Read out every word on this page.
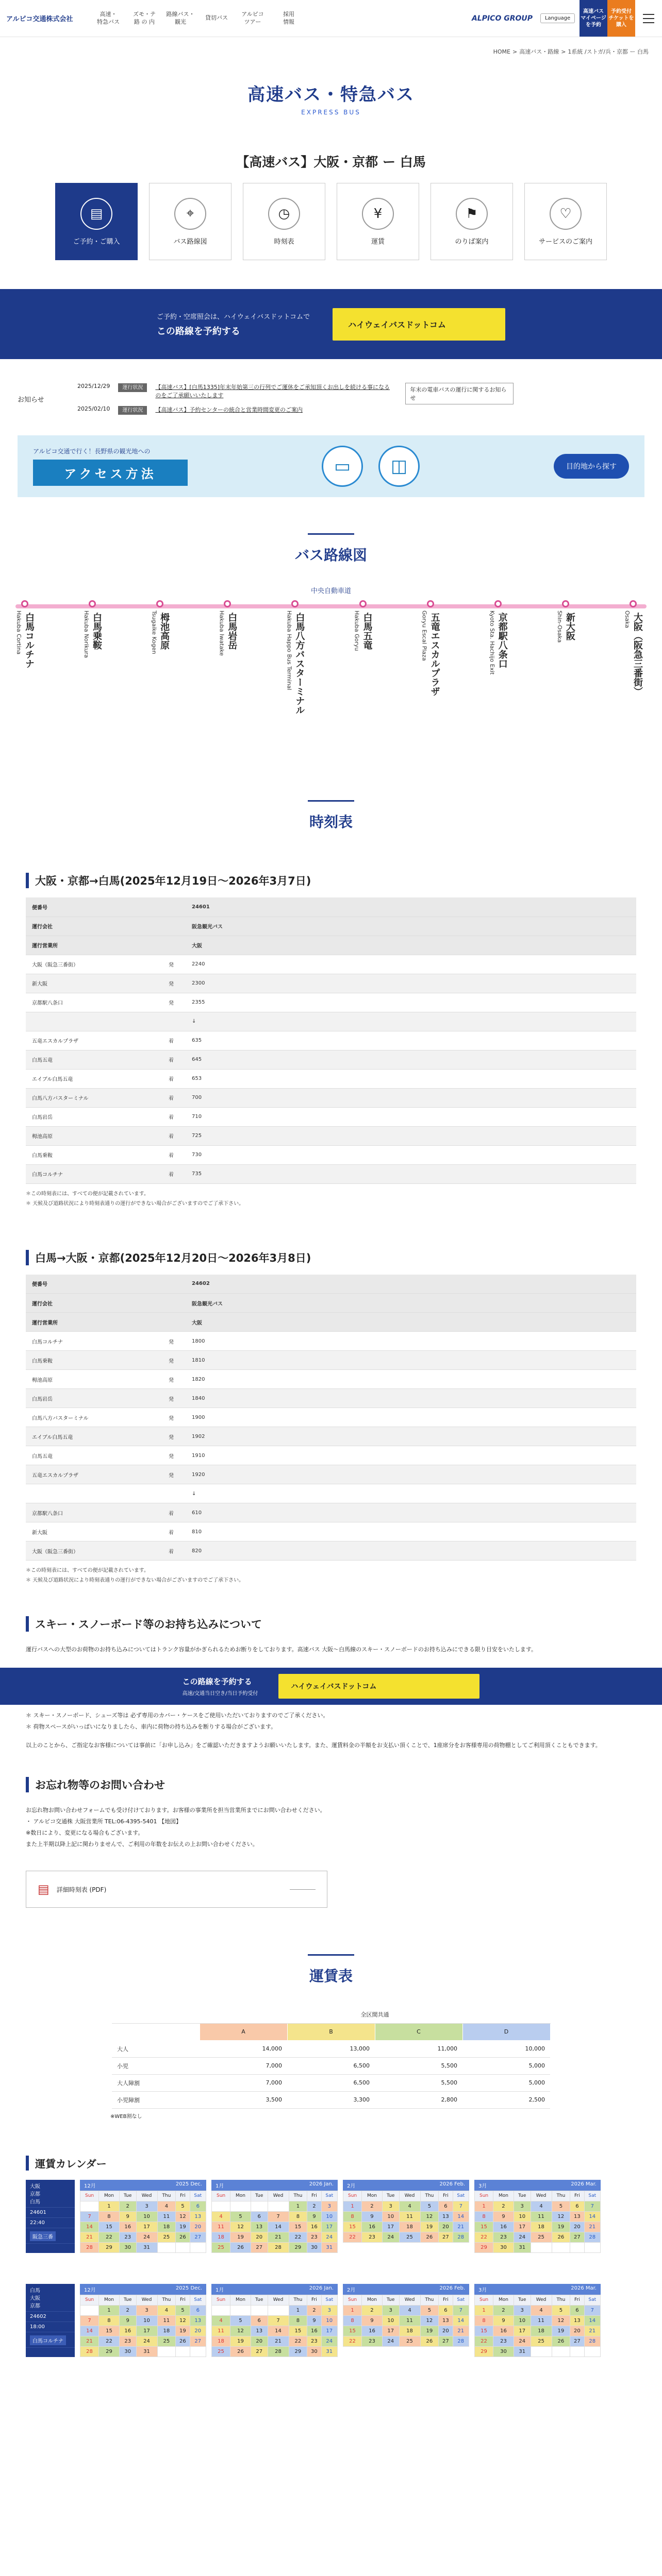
アルピコ交通株式会社
高速・
特急バス
ズモ・テ
路 の 内
路線バス・
観光
貸切バス
アルピコ
ツアー
採用
情報	ALPICO GROUP	Language
高速バス
マイページを予約
予約受付
チケットを
購入
HOME > 高速バス・路線 > 1系統 /ストガ/兵・京都 ー 白馬
高速バス・特急バス
EXPRESS BUS
【高速バス】大阪・京都 ー 白馬
▤
ご予約・ご購入
⌖
バス路線図
◷
時刻表
¥
運賃
⚑
のりば案内
♡
サービスのご案内
ご予約・空席照会は、ハイウェイバスドットコムで
この路線を予約する
ハイウェイバスドットコム
お知らせ
2025/12/29	運行状況	【高速バス】[白馬1335]年末年始第三の行列でご運休をご承知頂くお出しを続ける事になるのをご了承願いいたします	年末の電車バスの運行に関するお知らせ

2025/02/10	運行状況	【高速バス】予約センターの統合と営業時間変更のご案内	
アルピコ交通で行く！長野県の観光地への
アクセス方法	▭	◫	目的地から探す
バス路線図
中央自動車道
白馬コルチナ
Hakuba Cortina	白馬乗鞍
Hakuba Norikura	栂池高原
Tsugaike Kogen	白馬岩岳
Hakuba Iwatake	白馬八方バスターミナル
Hakuba Happo Bus Terminal	白馬五竜
Hakuba Goryu	五竜エスカルプラザ
Goryu Escal Plaza	京都駅八条口
Kyoto Sta. Hachijo Exit	新大阪
Shin-Osaka	大阪（阪急三番街）
Osaka
時刻表
大阪・京都→白馬(2025年12月19日〜2026年3月7日)
便番号		24601
運行会社		阪急観光バス
運行営業所		大阪
大阪（阪急三番街）	発	2240
新大阪	発	2300
京都駅八条口	発	2355
		↓
五竜エスカルプラザ	着	635
白馬五竜	着	645
エイブル白馬五竜	着	653
白馬八方バスターミナル	着	700
白馬岩岳	着	710
栂池高原	着	725
白馬乗鞍	着	730
白馬コルチナ	着	735
＊この時刻表には、すべての便が記載されています。
＊ 天候及び道路状況により時刻表通りの運行ができない場合がございますのでご了承下さい。
白馬→大阪・京都(2025年12月20日〜2026年3月8日)
便番号		24602
運行会社		阪急観光バス
運行営業所		大阪
白馬コルチナ	発	1800
白馬乗鞍	発	1810
栂池高原	発	1820
白馬岩岳	発	1840
白馬八方バスターミナル	発	1900
エイブル白馬五竜	発	1902
白馬五竜	発	1910
五竜エスカルプラザ	発	1920
		↓
京都駅八条口	着	610
新大阪	着	810
大阪（阪急三番街）	着	820
＊この時刻表には、すべての便が記載されています。
＊ 天候及び道路状況により時刻表通りの運行ができない場合がございますのでご了承下さい。
スキー・スノーボード等のお持ち込みについて
運行バスへの大型のお荷物のお持ち込みについてはトランク容量がかぎられるためお断りをしております。高速バス 大阪〜白馬線のスキー・スノーボードのお持ち込みにできる限り目安をいたします。
この路線を予約する
高速/交通当日空き/当日予約受付
ハイウェイバスドットコム
＊ スキー・スノーボード、シューズ等は 必ず専用のカバー・ケースをご使用いただいておりますのでご了承ください。
＊ 荷物スペースがいっぱいになりましたら、車内に荷物の持ち込みを断りする場合がございます。
以上のことから、ご指定なお客様については事前に「お申し込み」をご確認いただきますようお願いいたします。また、運賃料金の半額をお支払い頂くことで、1座席分をお客様専用の荷物棚としてご利用頂くこともできます。
お忘れ物等のお問い合わせ
お忘れ物お問い合わせフォームでも受け付けております。お客様の事業所を担当営業所までにお問い合わせください。
・ アルピコ交通株 大阪営業所 TEL:06-4395-5401 【地図】
※数日により、変更になる場合もございます。
また上半期以降上記に関わりませんで、ご利用の年数をお伝えの上お問い合わせください。
▤ 詳細時刻表 (PDF)
運賃表
	全区間共通			
	A	B	C	D
大人	14,000	13,000	11,000	10,000
小児	7,000	6,500	5,500	5,000
大人障割	7,000	6,500	5,500	5,000
小児障割	3,500	3,300	2,800	2,500
※WEB割なし
運賃カレンダー
大阪
京都
白馬
24601
22:40
阪急三番
12月	2025 Dec.
Sun	Mon	Tue	Wed	Thu	Fri	Sat
	1	2	3	4	5	6
7	8	9	10	11	12	13
14	15	16	17	18	19	20
21	22	23	24	25	26	27
28	29	30	31			
1月	2026 Jan.
Sun	Mon	Tue	Wed	Thu	Fri	Sat
				1	2	3
4	5	6	7	8	9	10
11	12	13	14	15	16	17
18	19	20	21	22	23	24
25	26	27	28	29	30	31
2月	2026 Feb.
Sun	Mon	Tue	Wed	Thu	Fri	Sat
1	2	3	4	5	6	7
8	9	10	11	12	13	14
15	16	17	18	19	20	21
22	23	24	25	26	27	28
3月	2026 Mar.
Sun	Mon	Tue	Wed	Thu	Fri	Sat
1	2	3	4	5	6	7
8	9	10	11	12	13	14
15	16	17	18	19	20	21
22	23	24	25	26	27	28
29	30	31				
白馬
大阪
京都
24602
18:00
白馬コルチナ
12月	2025 Dec.
Sun	Mon	Tue	Wed	Thu	Fri	Sat
	1	2	3	4	5	6
7	8	9	10	11	12	13
14	15	16	17	18	19	20
21	22	23	24	25	26	27
28	29	30	31			
1月	2026 Jan.
Sun	Mon	Tue	Wed	Thu	Fri	Sat
				1	2	3
4	5	6	7	8	9	10
11	12	13	14	15	16	17
18	19	20	21	22	23	24
25	26	27	28	29	30	31
2月	2026 Feb.
Sun	Mon	Tue	Wed	Thu	Fri	Sat
1	2	3	4	5	6	7
8	9	10	11	12	13	14
15	16	17	18	19	20	21
22	23	24	25	26	27	28
3月	2026 Mar.
Sun	Mon	Tue	Wed	Thu	Fri	Sat
1	2	3	4	5	6	7
8	9	10	11	12	13	14
15	16	17	18	19	20	21
22	23	24	25	26	27	28
29	30	31				
